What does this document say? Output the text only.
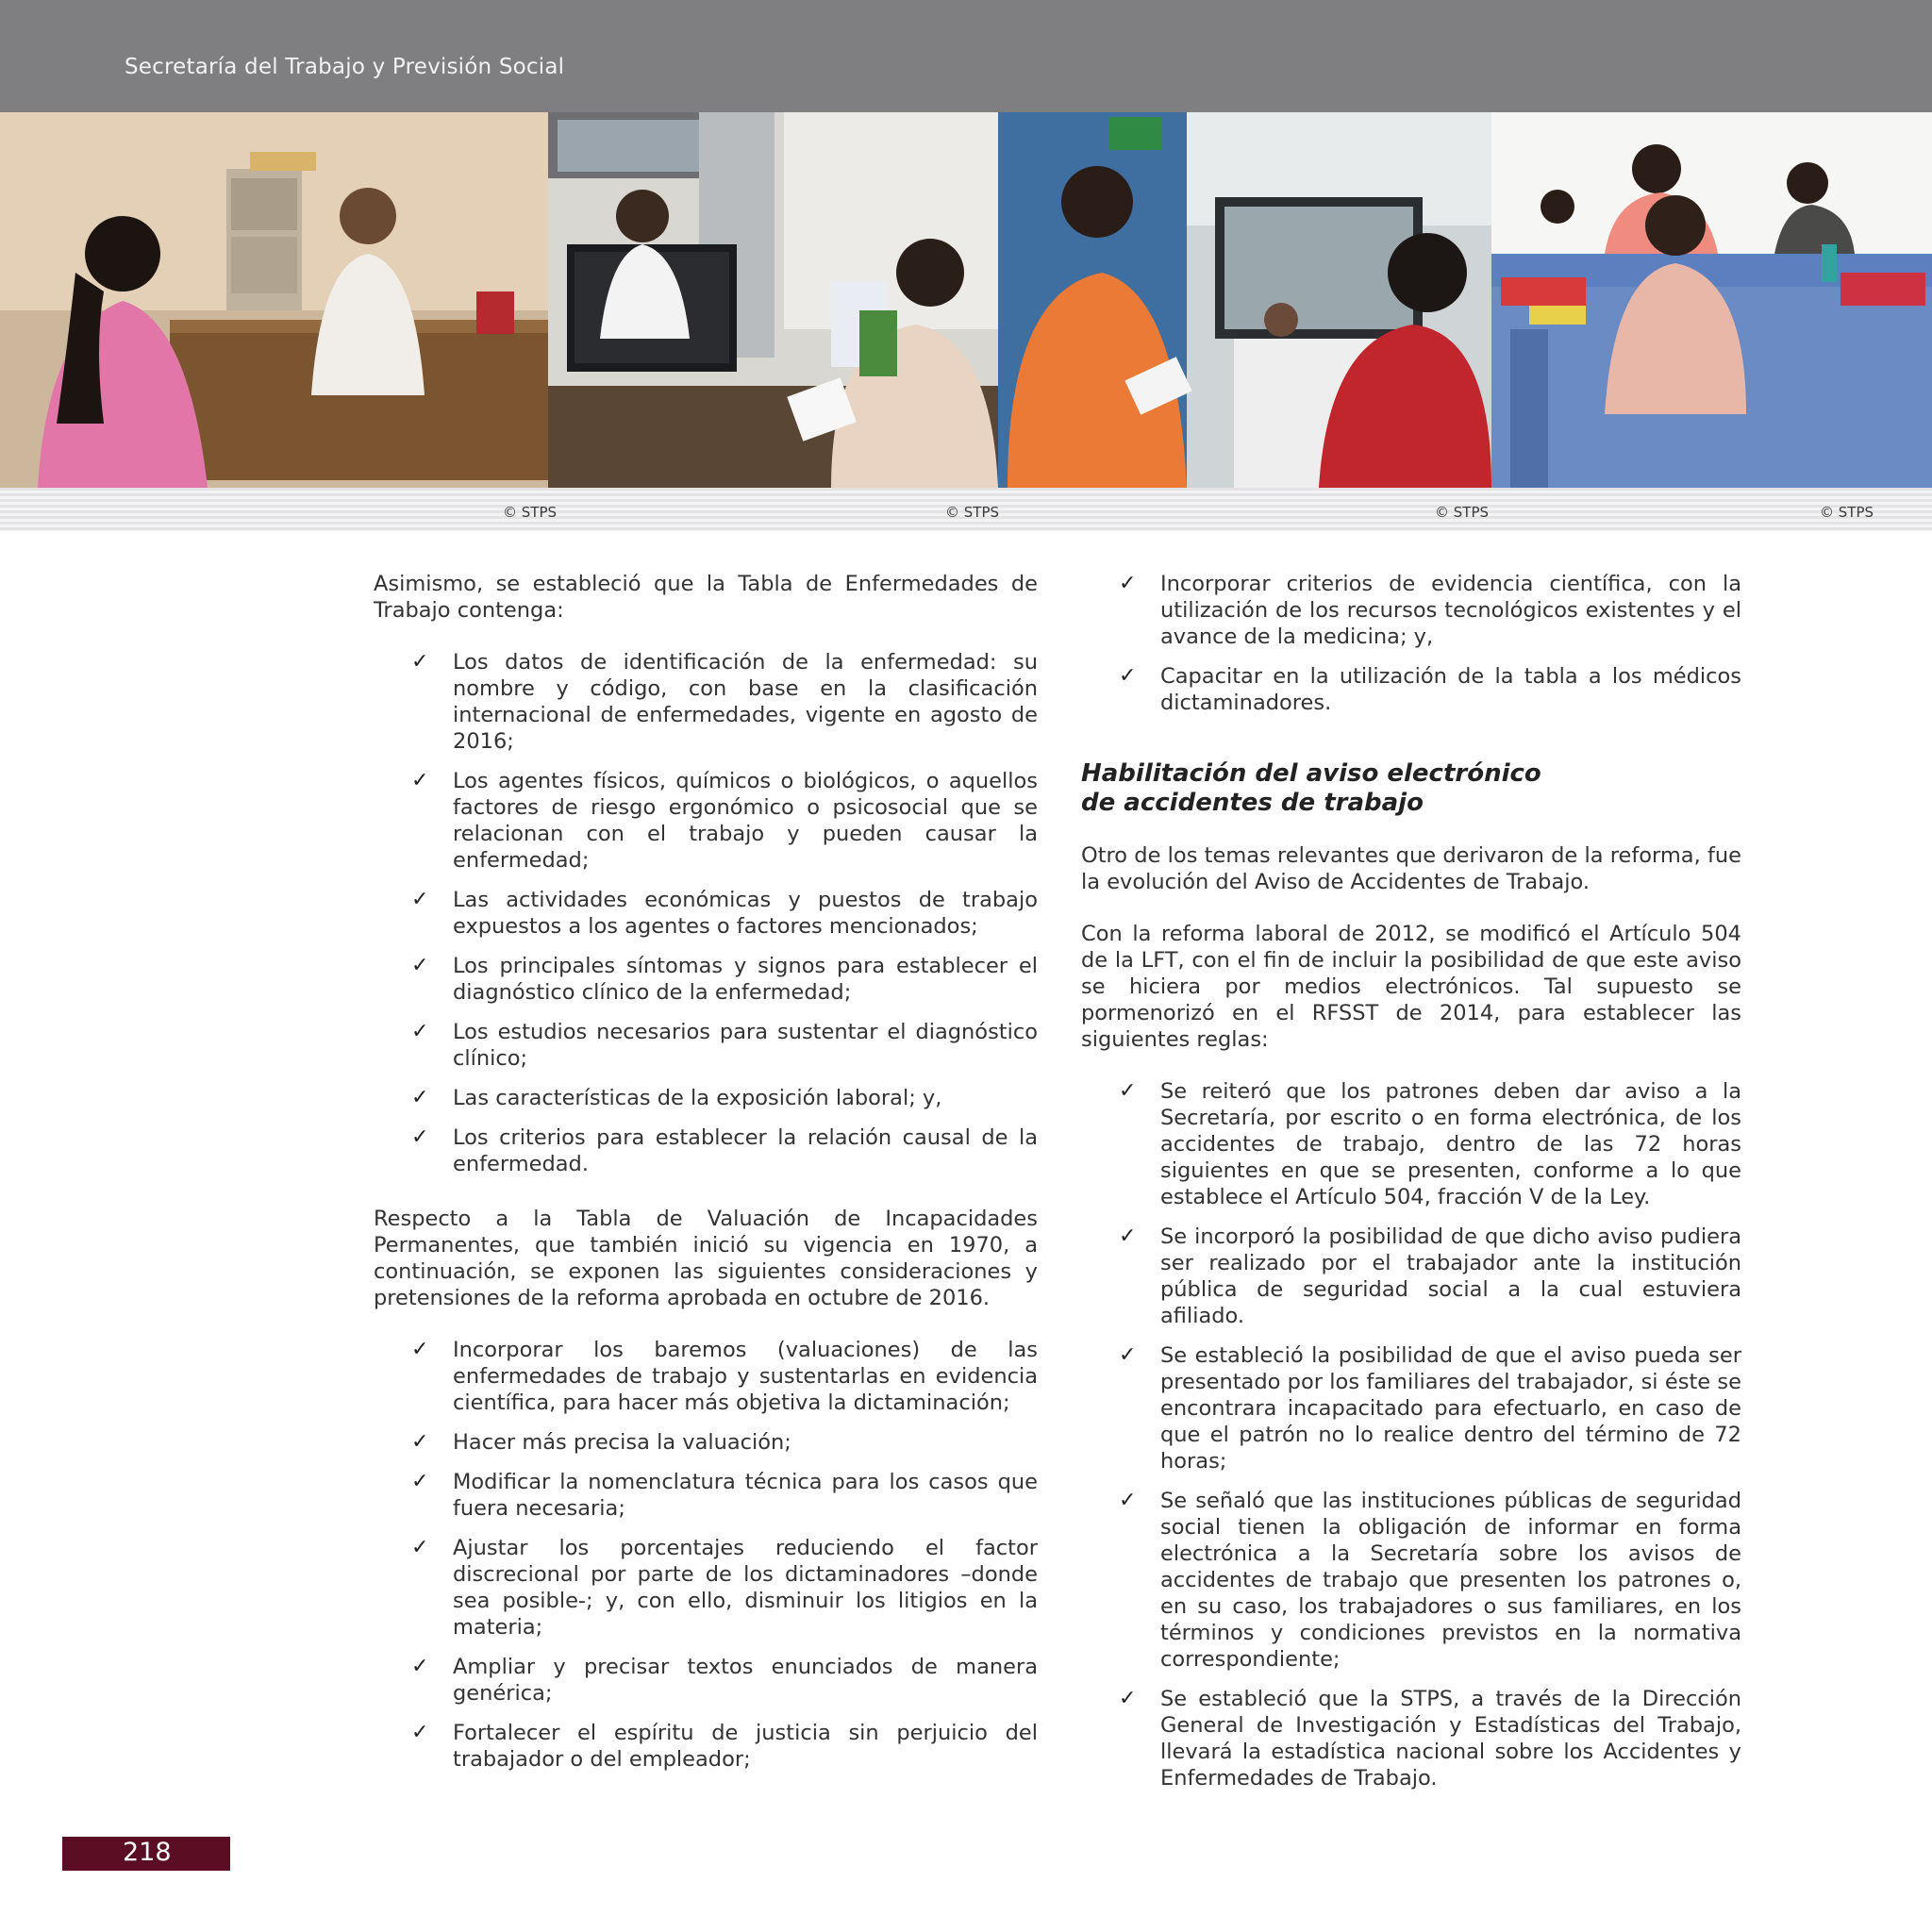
Secretaría del Trabajo y Previsión Social
© STPS	© STPS	© STPS	© STPS

Asimismo, se estableció que la Tabla de Enfermedades de Trabajo contenga:

✓ Los datos de identificación de la enfermedad: su nombre y código, con base en la clasificación internacional de enfermedades, vigente en agosto de 2016;
✓ Los agentes físicos, químicos o biológicos, o aquellos factores de riesgo ergonómico o psicosocial que se relacionan con el trabajo y pueden causar la enfermedad;
✓ Las actividades económicas y puestos de trabajo expuestos a los agentes o factores mencionados;
✓ Los principales síntomas y signos para establecer el diagnóstico clínico de la enfermedad;
✓ Los estudios necesarios para sustentar el diagnóstico clínico;
✓ Las características de la exposición laboral; y,
✓ Los criterios para establecer la relación causal de la enfermedad.

Respecto a la Tabla de Valuación de Incapacidades Permanentes, que también inició su vigencia en 1970, a continuación, se exponen las siguientes consideraciones y pretensiones de la reforma aprobada en octubre de 2016.

✓ Incorporar los baremos (valuaciones) de las enfermedades de trabajo y sustentarlas en evidencia científica, para hacer más objetiva la dictaminación;
✓ Hacer más precisa la valuación;
✓ Modificar la nomenclatura técnica para los casos que fuera necesaria;
✓ Ajustar los porcentajes reduciendo el factor discrecional por parte de los dictaminadores –donde sea posible-; y, con ello, disminuir los litigios en la materia;
✓ Ampliar y precisar textos enunciados de manera genérica;
✓ Fortalecer el espíritu de justicia sin perjuicio del trabajador o del empleador;
✓ Incorporar criterios de evidencia científica, con la utilización de los recursos tecnológicos existentes y el avance de la medicina; y,
✓ Capacitar en la utilización de la tabla a los médicos dictaminadores.
Habilitación del aviso electrónico
de accidentes de trabajo

Otro de los temas relevantes que derivaron de la reforma, fue la evolución del Aviso de Accidentes de Trabajo.

Con la reforma laboral de 2012, se modificó el Artículo 504 de la LFT, con el fin de incluir la posibilidad de que este aviso se hiciera por medios electrónicos. Tal supuesto se pormenorizó en el RFSST de 2014, para establecer las siguientes reglas:

✓ Se reiteró que los patrones deben dar aviso a la Secretaría, por escrito o en forma electrónica, de los accidentes de trabajo, dentro de las 72 horas siguientes en que se presenten, conforme a lo que establece el Artículo 504, fracción V de la Ley.
✓ Se incorporó la posibilidad de que dicho aviso pudiera ser realizado por el trabajador ante la institución pública de seguridad social a la cual estuviera afiliado.
✓ Se estableció la posibilidad de que el aviso pueda ser presentado por los familiares del trabajador, si éste se encontrara incapacitado para efectuarlo, en caso de que el patrón no lo realice dentro del término de 72 horas;
✓ Se señaló que las instituciones públicas de seguridad social tienen la obligación de informar en forma electrónica a la Secretaría sobre los avisos de accidentes de trabajo que presenten los patrones o, en su caso, los trabajadores o sus familiares, en los términos y condiciones previstos en la normativa correspondiente;
✓ Se estableció que la STPS, a través de la Dirección General de Investigación y Estadísticas del Trabajo, llevará la estadística nacional sobre los Accidentes y Enfermedades de Trabajo.
218
